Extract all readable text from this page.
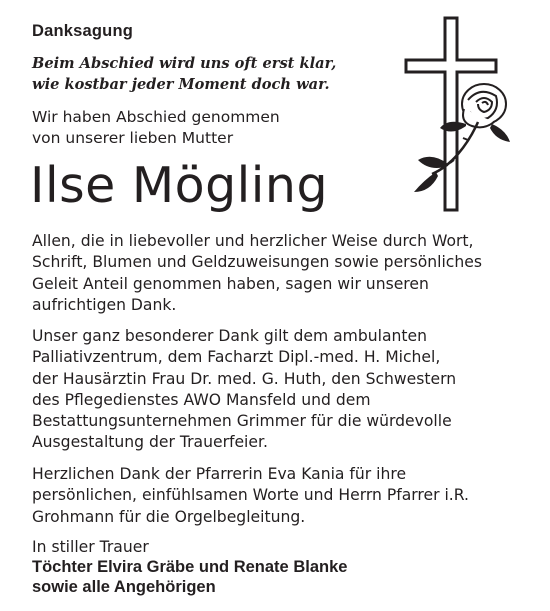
Danksagung
Beim Abschied wird uns oft erst klar,
wie kostbar jeder Moment doch war.
Wir haben Abschied genommen
von unserer lieben Mutter
Ilse Mögling
Allen, die in liebevoller und herzlicher Weise durch Wort,
Schrift, Blumen und Geldzuweisungen sowie persönliches
Geleit Anteil genommen haben, sagen wir unseren
aufrichtigen Dank.
Unser ganz besonderer Dank gilt dem ambulanten
Palliativzentrum, dem Facharzt Dipl.-med. H. Michel,
der Hausärztin Frau Dr. med. G. Huth, den Schwestern
des Pflegedienstes AWO Mansfeld und dem
Bestattungsunternehmen Grimmer für die würdevolle
Ausgestaltung der Trauerfeier.
Herzlichen Dank der Pfarrerin Eva Kania für ihre
persönlichen, einfühlsamen Worte und Herrn Pfarrer i.R.
Grohmann für die Orgelbegleitung.
In stiller Trauer
Töchter Elvira Gräbe und Renate Blanke
sowie alle Angehörigen
